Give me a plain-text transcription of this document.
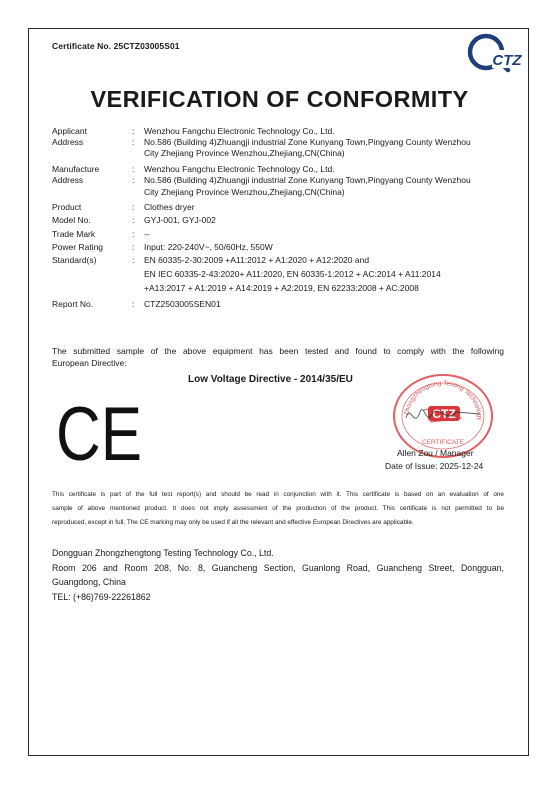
Certificate No. 25CTZ03005S01
CTZ
VERIFICATION OF CONFORMITY
Applicant	:	Wenzhou Fangchu Electronic Technology Co., Ltd.
Address	:	No.586 (Building 4)Zhuangji industrial Zone Kunyang Town,Pingyang County Wenzhou
City Zhejiang Province Wenzhou,Zhejiang,CN(China)
Manufacture	:	Wenzhou Fangchu Electronic Technology Co., Ltd.
Address	:	No.586 (Building 4)Zhuangji industrial Zone Kunyang Town,Pingyang County Wenzhou
City Zhejiang Province Wenzhou,Zhejiang,CN(China)
Product	:	Clothes dryer
Model No.	:	GYJ-001, GYJ-002
Trade Mark	:	--
Power Rating	:	Input: 220-240V~, 50/60Hz, 550W
Standard(s)	:	EN 60335-2-30:2009 +A11:2012 + A1:2020 + A12:2020 and
EN IEC 60335-2-43:2020+ A11:2020, EN 60335-1:2012 + AC:2014 + A11:2014
+A13:2017 + A1:2019 + A14:2019 + A2:2019, EN 62233:2008 + AC:2008
Report No.	:	CTZ2503005SEN01
The submitted sample of the above equipment has been tested and found to comply with the following
European Directive:
Low Voltage Directive - 2014/35/EU
CE	Zhongzhengtong Testing Technology
CTZ
CERTIFICATE
Allen Zou / Manager
Date of Issue: 2025-12-24
This certificate is part of the full test report(s) and should be read in conjunction with it. This certificate is based on an evaluation of one
sample of above mentioned product. It does not imply assessment of the production of the product. This certificate is not permitted to be
reproduced, except in full. The CE marking may only be used if all the relevant and effective European Directives are applicable.
Dongguan Zhongzhengtong Testing Technology Co., Ltd.
Room 206 and Room 208, No. 8, Guancheng Section, Guanlong Road, Guancheng Street, Dongguan,
Guangdong, China
TEL: (+86)769-22261862
